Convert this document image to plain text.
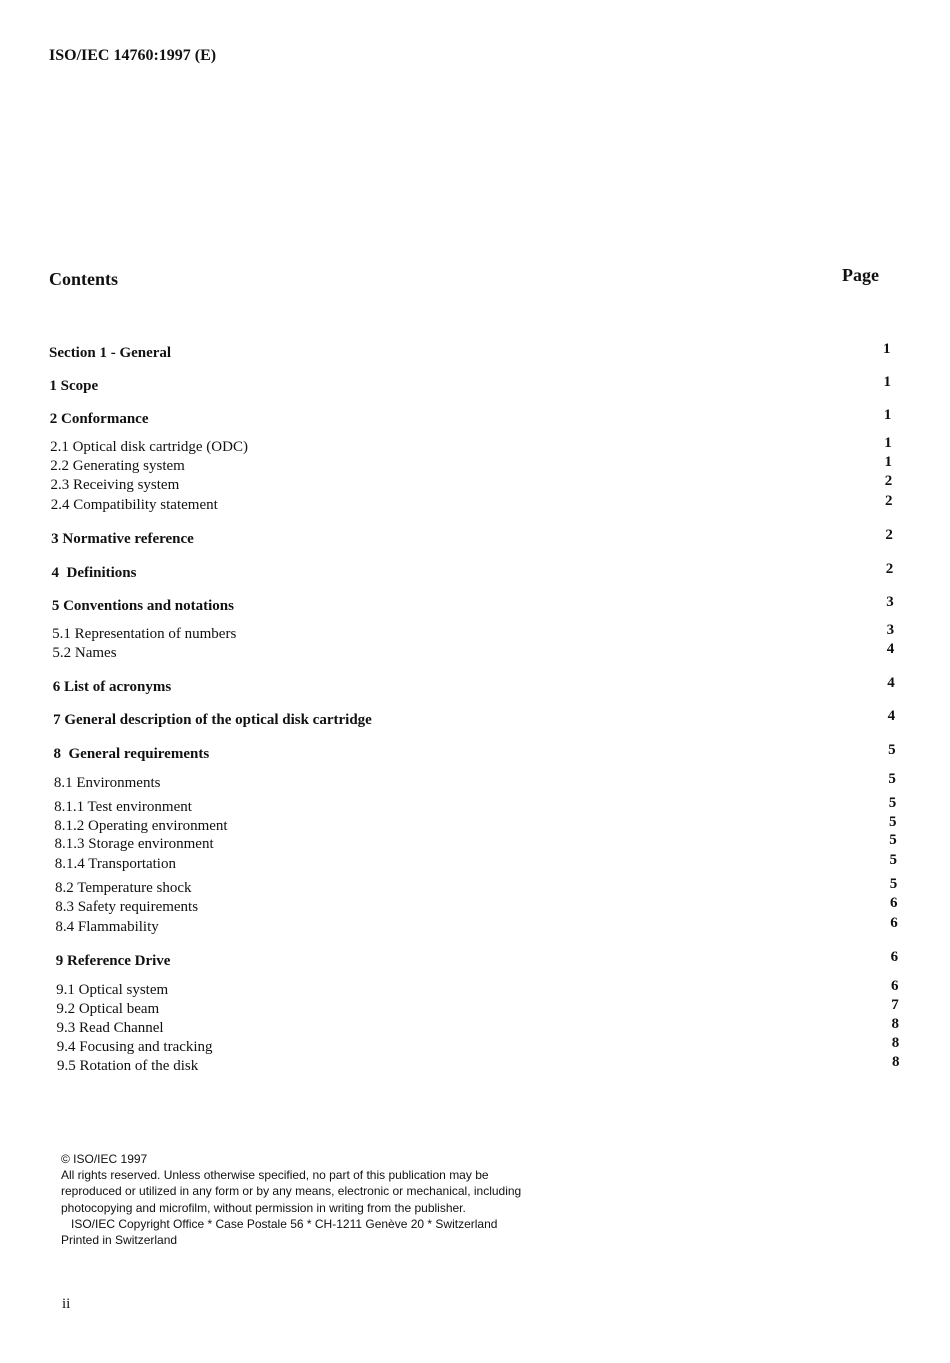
ISO/IEC 14760:1997 (E)
Contents	Page
Section 1 - General	1
1 Scope	1
2 Conformance	1
2.1 Optical disk cartridge (ODC)	1
2.2 Generating system	1
2.3 Receiving system	2
2.4 Compatibility statement	2
3 Normative reference	2
4  Definitions	2
5 Conventions and notations	3
5.1 Representation of numbers	3
5.2 Names	4
6 List of acronyms	4
7 General description of the optical disk cartridge	4
8  General requirements	5
8.1 Environments	5
8.1.1 Test environment	5
8.1.2 Operating environment	5
8.1.3 Storage environment	5
8.1.4 Transportation	5
8.2 Temperature shock	5
8.3 Safety requirements	6
8.4 Flammability	6
9 Reference Drive	6
9.1 Optical system	6
9.2 Optical beam	7
9.3 Read Channel	8
9.4 Focusing and tracking	8
9.5 Rotation of the disk	8
© ISO/IEC 1997
All rights reserved. Unless otherwise specified, no part of this publication may be
reproduced or utilized in any form or by any means, electronic or mechanical, including
photocopying and microfilm, without permission in writing from the publisher.
ISO/IEC Copyright Office * Case Postale 56 * CH-1211 Genève 20 * Switzerland
Printed in Switzerland
ii
